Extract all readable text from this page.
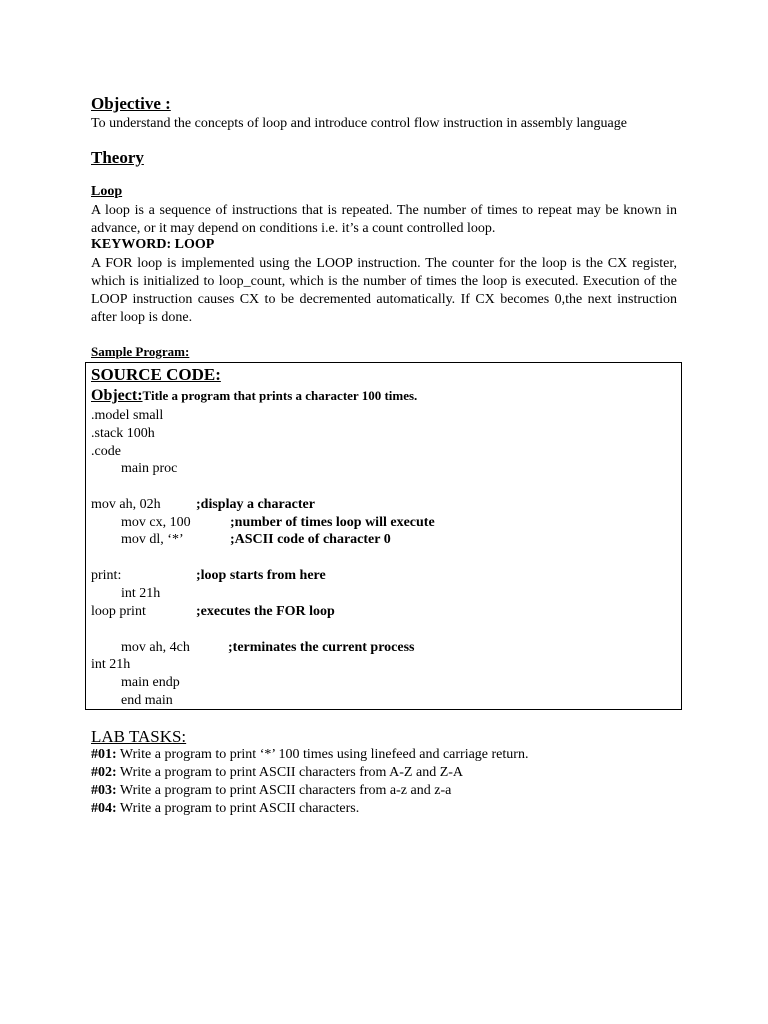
Objective :

To understand the concepts of loop and introduce control flow instruction in assembly language

Theory
Loop

A loop is a sequence of instructions that is repeated. The number of times to repeat may be known in advance, or it may depend on conditions i.e. it’s a count controlled loop.

KEYWORD: LOOP

A FOR loop is implemented using the LOOP instruction. The counter for the loop is the CX register, which is initialized to loop_count, which is the number of times the loop is executed. Execution of the LOOP instruction causes CX to be decremented automatically. If CX becomes 0,the next instruction after loop is done.

Sample Program:
SOURCE CODE:
Object:Title a program that prints a character 100 times.
.model small
.stack 100h
.code
main proc
mov ah, 02h	;display a character
mov cx, 100	;number of times loop will execute
mov dl, ‘*’	;ASCII code of character 0
print:	;loop starts from here
int 21h
loop print	;executes the FOR loop
mov ah, 4ch	;terminates the current process
int 21h
main endp
end main
LAB TASKS:
#01: Write a program to print ‘*’ 100 times using linefeed and carriage return.
#02: Write a program to print ASCII characters from A-Z and Z-A
#03: Write a program to print ASCII characters from a-z and z-a
#04: Write a program to print ASCII characters.
